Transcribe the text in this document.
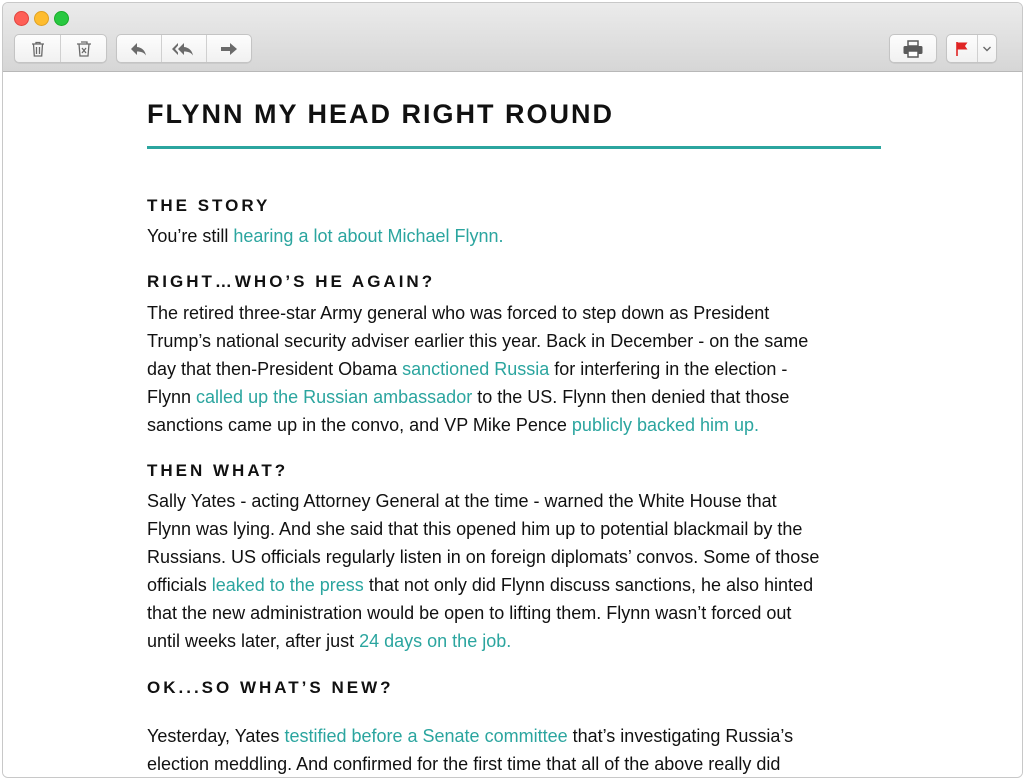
FLYNN MY HEAD RIGHT ROUND
THE STORY

You’re still hearing a lot about Michael Flynn.

RIGHT…WHO’S HE AGAIN?

The retired three-star Army general who was forced to step down as President
Trump’s national security adviser earlier this year. Back in December - on the same
day that then-President Obama sanctioned Russia for interfering in the election -
Flynn called up the Russian ambassador to the US. Flynn then denied that those
sanctions came up in the convo, and VP Mike Pence publicly backed him up.

THEN WHAT?

Sally Yates - acting Attorney General at the time - warned the White House that
Flynn was lying. And she said that this opened him up to potential blackmail by the
Russians. US officials regularly listen in on foreign diplomats’ convos. Some of those
officials leaked to the press that not only did Flynn discuss sanctions, he also hinted
that the new administration would be open to lifting them. Flynn wasn’t forced out
until weeks later, after just 24 days on the job.

OK...SO WHAT’S NEW?

Yesterday, Yates testified before a Senate committee that’s investigating Russia’s
election meddling. And confirmed for the first time that all of the above really did
